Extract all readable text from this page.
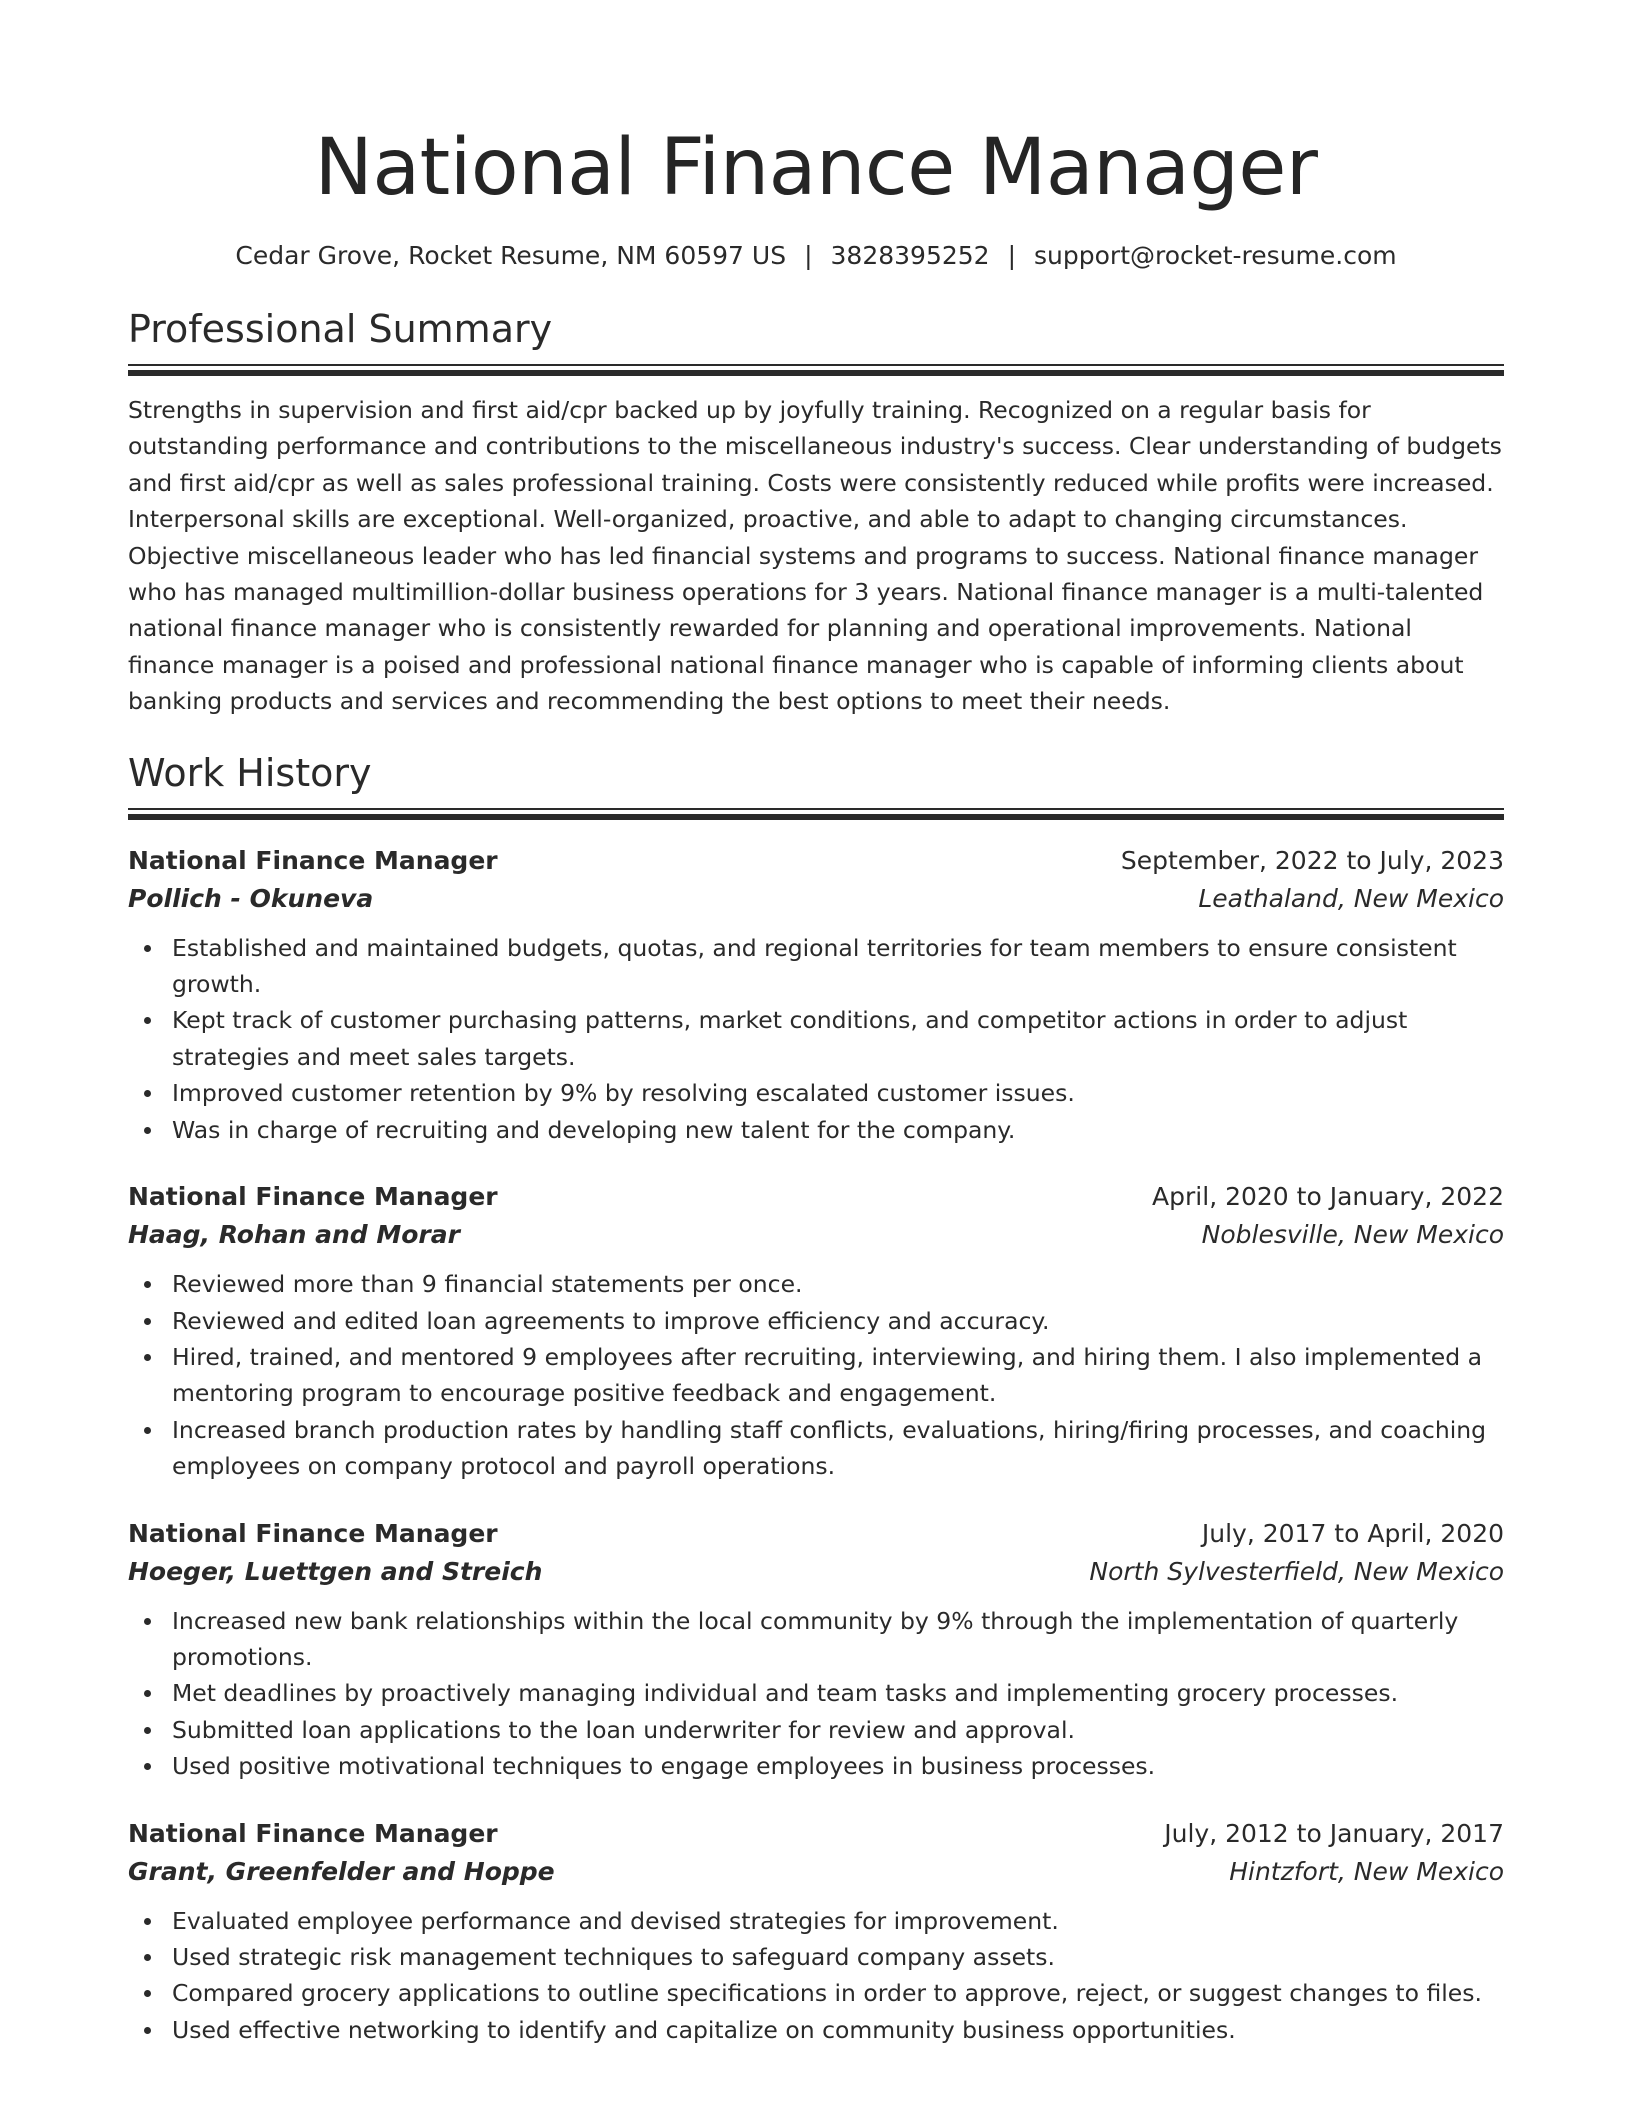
National Finance Manager
Cedar Grove, Rocket Resume, NM 60597 US | 3828395252 | support@rocket-resume.com
Professional Summary

Strengths in supervision and first aid/cpr backed up by joyfully training. Recognized on a regular basis for outstanding performance and contributions to the miscellaneous industry's success. Clear understanding of budgets and first aid/cpr as well as sales professional training. Costs were consistently reduced while profits were increased. Interpersonal skills are exceptional. Well-organized, proactive, and able to adapt to changing circumstances. Objective miscellaneous leader who has led financial systems and programs to success. National finance manager who has managed multimillion-dollar business operations for 3 years. National finance manager is a multi-talented national finance manager who is consistently rewarded for planning and operational improvements. National finance manager is a poised and professional national finance manager who is capable of informing clients about banking products and services and recommending the best options to meet their needs.

Work History
National Finance Manager	September, 2022 to July, 2023
Pollich - Okuneva	Leathaland, New Mexico
Established and maintained budgets, quotas, and regional territories for team members to ensure consistent growth.
Kept track of customer purchasing patterns, market conditions, and competitor actions in order to adjust strategies and meet sales targets.
Improved customer retention by 9% by resolving escalated customer issues.
Was in charge of recruiting and developing new talent for the company.
National Finance Manager	April, 2020 to January, 2022
Haag, Rohan and Morar	Noblesville, New Mexico
Reviewed more than 9 financial statements per once.
Reviewed and edited loan agreements to improve efficiency and accuracy.
Hired, trained, and mentored 9 employees after recruiting, interviewing, and hiring them. I also implemented a mentoring program to encourage positive feedback and engagement.
Increased branch production rates by handling staff conflicts, evaluations, hiring/firing processes, and coaching employees on company protocol and payroll operations.
National Finance Manager	July, 2017 to April, 2020
Hoeger, Luettgen and Streich	North Sylvesterfield, New Mexico
Increased new bank relationships within the local community by 9% through the implementation of quarterly promotions.
Met deadlines by proactively managing individual and team tasks and implementing grocery processes.
Submitted loan applications to the loan underwriter for review and approval.
Used positive motivational techniques to engage employees in business processes.
National Finance Manager	July, 2012 to January, 2017
Grant, Greenfelder and Hoppe	Hintzfort, New Mexico
Evaluated employee performance and devised strategies for improvement.
Used strategic risk management techniques to safeguard company assets.
Compared grocery applications to outline specifications in order to approve, reject, or suggest changes to files.
Used effective networking to identify and capitalize on community business opportunities.
